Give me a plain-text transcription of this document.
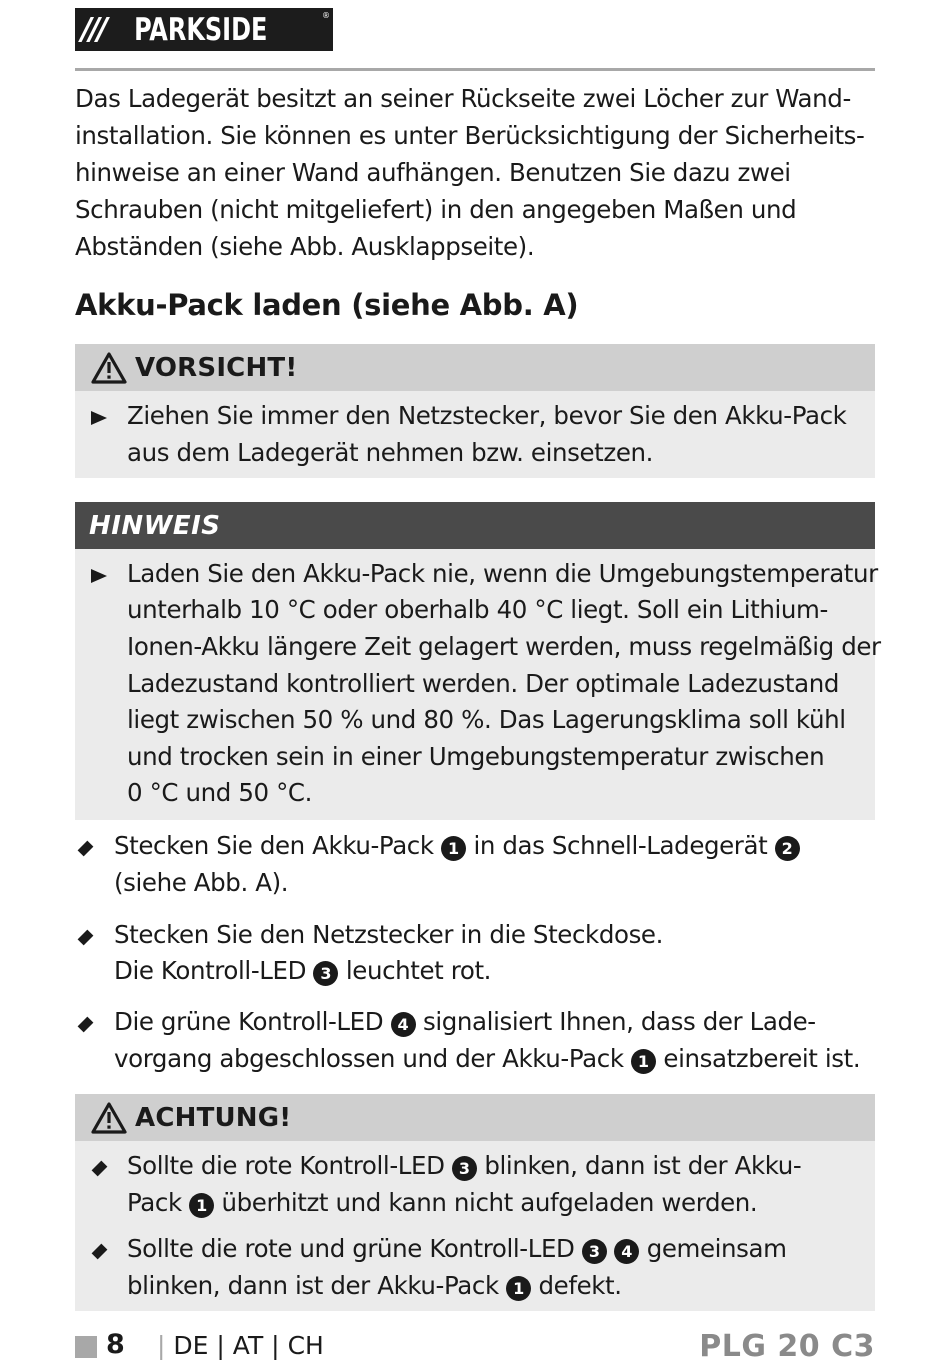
/// PARKSIDE	®
Das Ladegerät besitzt an seiner Rückseite zwei Löcher zur Wand-
installation. Sie können es unter Berücksichtigung der Sicherheits-
hinweise an einer Wand aufhängen. Benutzen Sie dazu zwei
Schrauben (nicht mitgeliefert) in den angegeben Maßen und
Abständen (siehe Abb. Ausklappseite).
Akku-Pack laden (siehe Abb. A)
VORSICHT!
Ziehen Sie immer den Netzstecker, bevor Sie den Akku-Pack
aus dem Ladegerät nehmen bzw. einsetzen.
HINWEIS
Laden Sie den Akku-Pack nie, wenn die Umgebungstemperatur
unterhalb 10 °C oder oberhalb 40 °C liegt. Soll ein Lithium-
Ionen-Akku längere Zeit gelagert werden, muss regelmäßig der
Ladezustand kontrolliert werden. Der optimale Ladezustand
liegt zwischen 50 % und 80 %. Das Lagerungsklima soll kühl
und trocken sein in einer Umgebungstemperatur zwischen
0 °C und 50 °C.
Stecken Sie den Akku-Pack 1 in das Schnell-Ladegerät 2
(siehe Abb. A).
Stecken Sie den Netzstecker in die Steckdose.
Die Kontroll-LED 3 leuchtet rot.
Die grüne Kontroll-LED 4 signalisiert Ihnen, dass der Lade-
vorgang abgeschlossen und der Akku-Pack 1 einsatzbereit ist.
ACHTUNG!
Sollte die rote Kontroll-LED 3 blinken, dann ist der Akku-
Pack 1 überhitzt und kann nicht aufgeladen werden.
Sollte die rote und grüne Kontroll-LED 3 4 gemeinsam
blinken, dann ist der Akku-Pack 1 defekt.
8 | DE | AT | CH	PLG 20 C3
